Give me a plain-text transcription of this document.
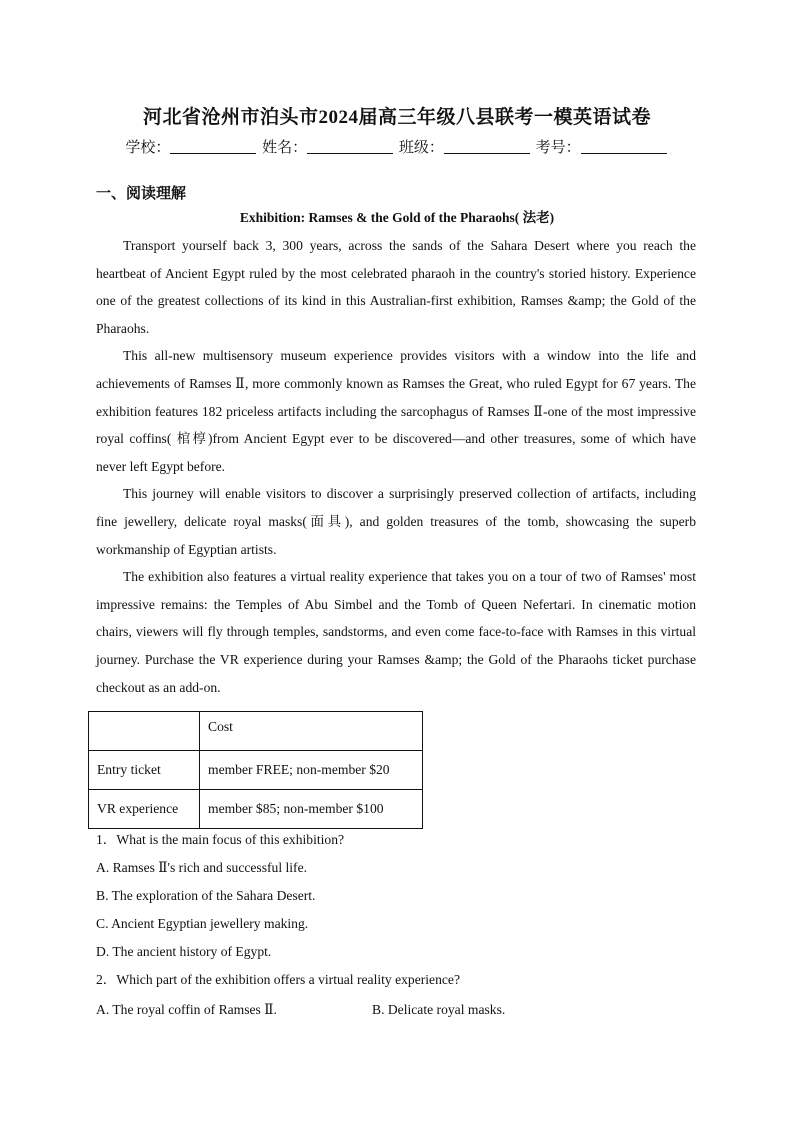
河北省沧州市泊头市2024届高三年级八县联考一模英语试卷
学校：	姓名：	班级：	考号：
一、阅读理解
Exhibition: Ramses & the Gold of the Pharaohs( 法老)

Transport yourself back 3, 300 years, across the sands of the Sahara Desert where you reach the heartbeat of Ancient Egypt ruled by the most celebrated pharaoh in the country's storied history. Experience one of the greatest collections of its kind in this Australian-first exhibition, Ramses &amp; the Gold of the Pharaohs.

This all-new multisensory museum experience provides visitors with a window into the life and achievements of Ramses Ⅱ, more commonly known as Ramses the Great, who ruled Egypt for 67 years. The exhibition features 182 priceless artifacts including the sarcophagus of Ramses Ⅱ-one of the most impressive royal coffins( 棺椁)from Ancient Egypt ever to be discovered—and other treasures, some of which have never left Egypt before.

This journey will enable visitors to discover a surprisingly preserved collection of artifacts, including fine jewellery, delicate royal masks(面具), and golden treasures of the tomb, showcasing the superb workmanship of Egyptian artists.

The exhibition also features a virtual reality experience that takes you on a tour of two of Ramses' most impressive remains: the Temples of Abu Simbel and the Tomb of Queen Nefertari. In cinematic motion chairs, viewers will fly through temples, sandstorms, and even come face-to-face with Ramses in this virtual journey. Purchase the VR experience during your Ramses &amp; the Gold of the Pharaohs ticket purchase checkout as an add-on.

	Cost
Entry ticket	member FREE; non-member $20
VR experience	member $85; non-member $100
1．What is the main focus of this exhibition?
A. Ramses Ⅱ's rich and successful life.
B. The exploration of the Sahara Desert.
C. Ancient Egyptian jewellery making.
D. The ancient history of Egypt.
2．Which part of the exhibition offers a virtual reality experience?
A. The royal coffin of Ramses Ⅱ.	B. Delicate royal masks.
